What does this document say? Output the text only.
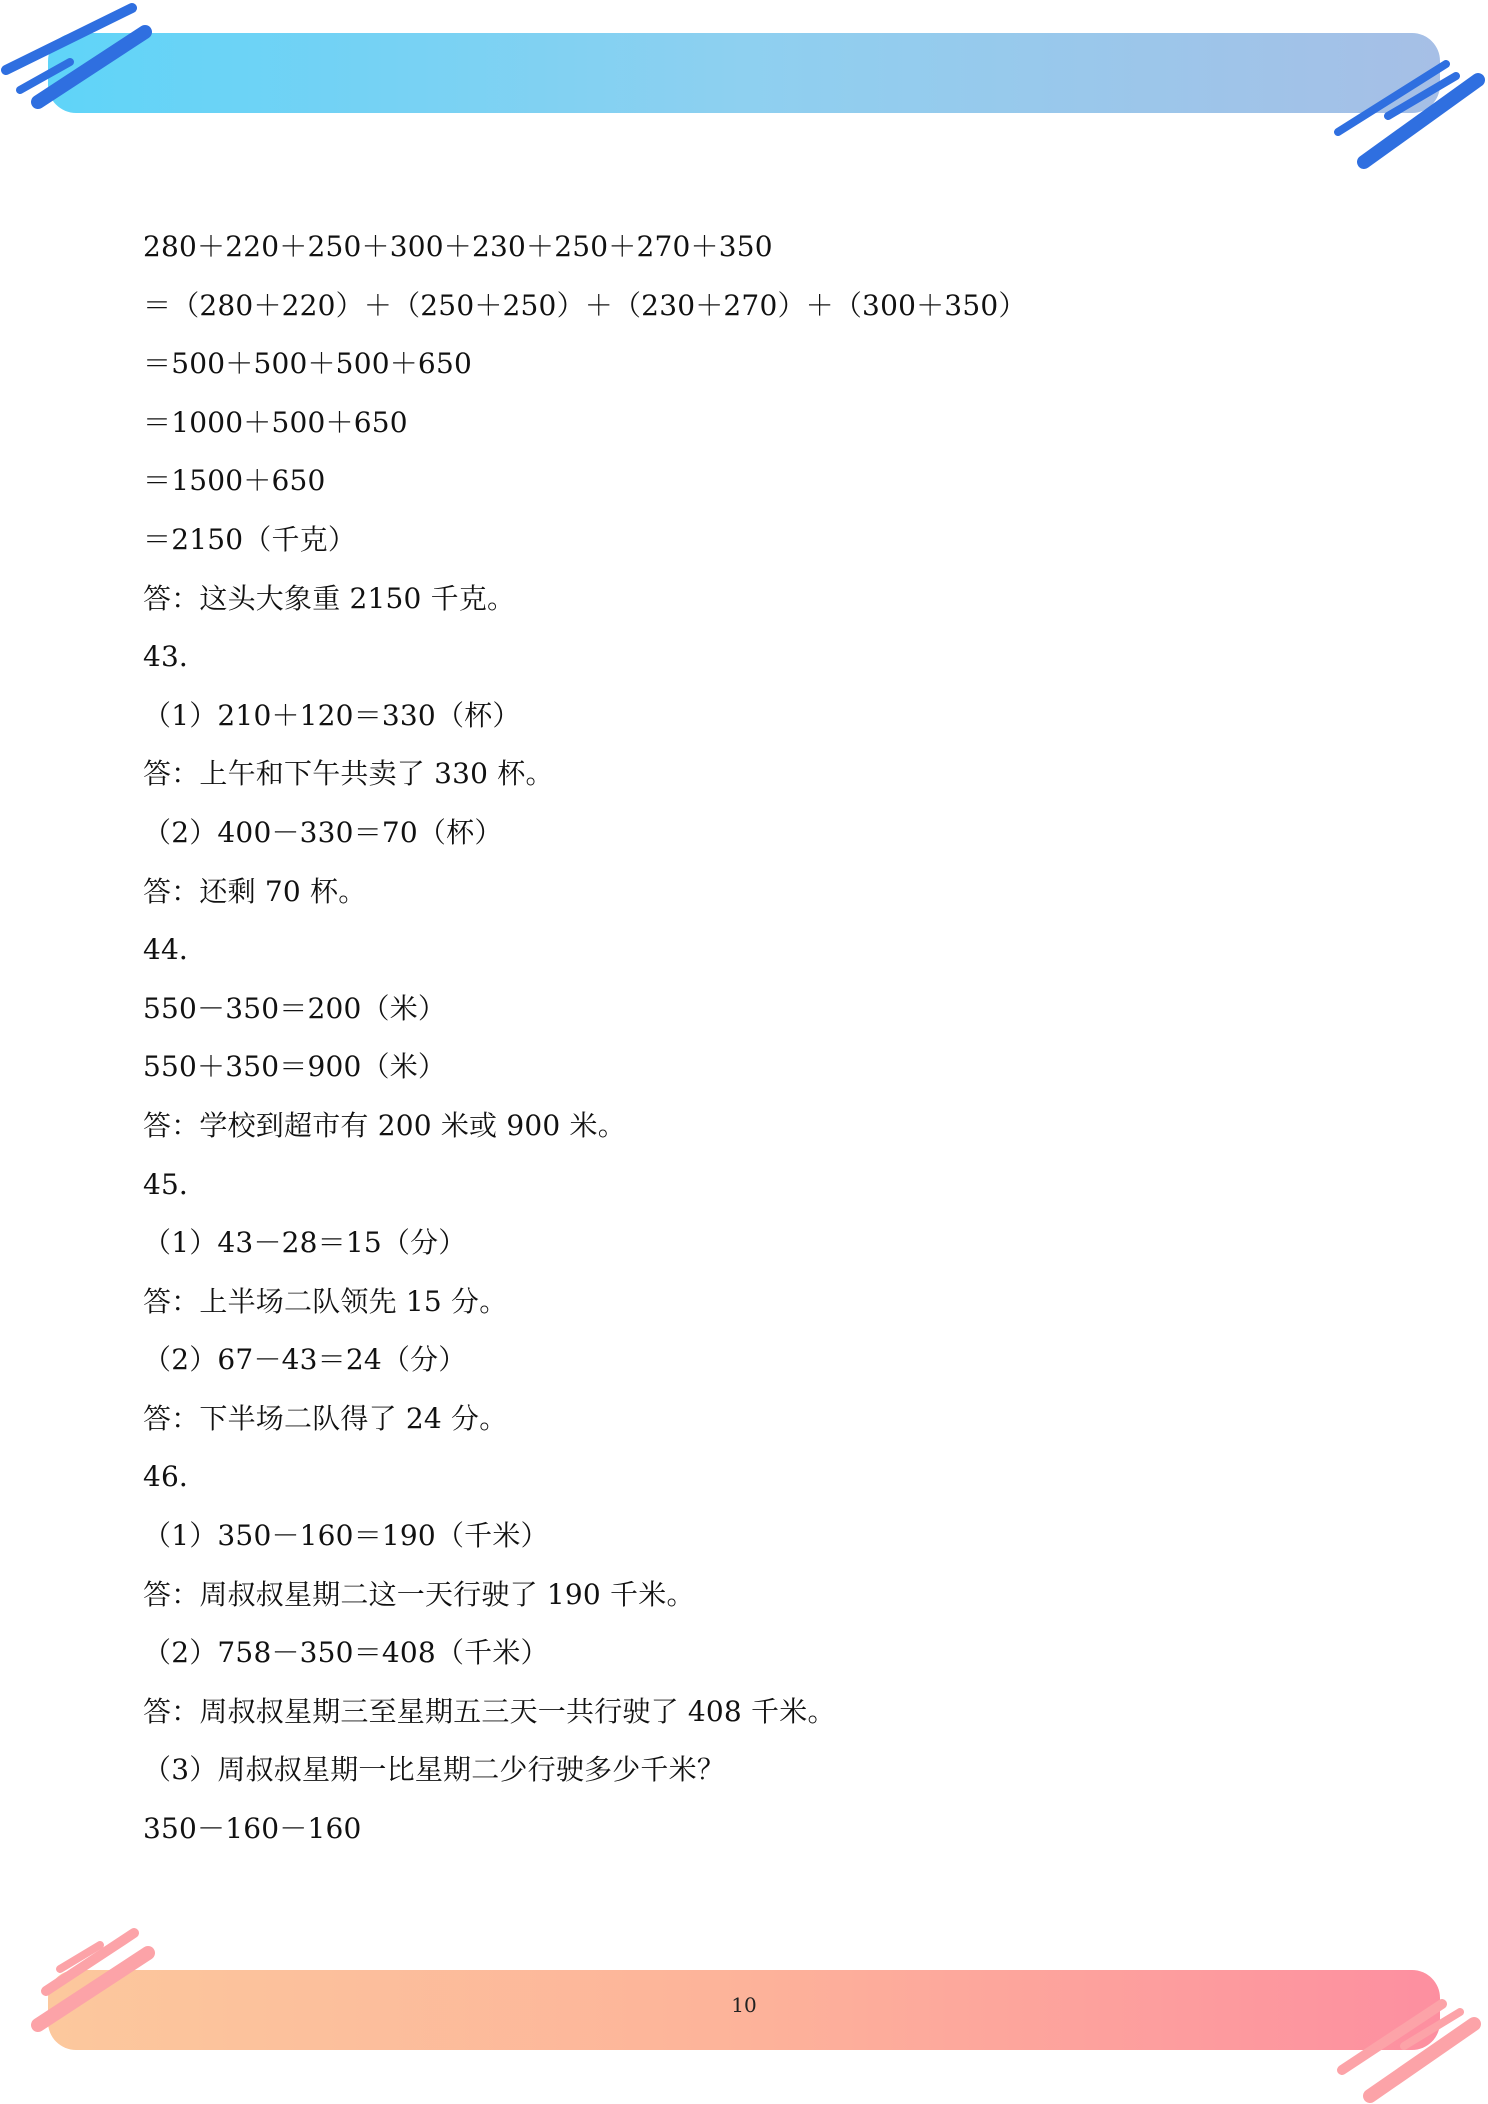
280＋220＋250＋300＋230＋250＋270＋350
＝（280＋220）＋（250＋250）＋（230＋270）＋（300＋350）
＝500＋500＋500＋650
＝1000＋500＋650
＝1500＋650
＝2150（千克）
答：这头大象重 2150 千克。
43．
（1）210＋120＝330（杯）
答：上午和下午共卖了 330 杯。
（2）400－330＝70（杯）
答：还剩 70 杯。
44．
550－350＝200（米）
550＋350＝900（米）
答：学校到超市有 200 米或 900 米。
45．
（1）43－28＝15（分）
答：上半场二队领先 15 分。
（2）67－43＝24（分）
答：下半场二队得了 24 分。
46．
（1）350－160＝190（千米）
答：周叔叔星期二这一天行驶了 190 千米。
（2）758－350＝408（千米）
答：周叔叔星期三至星期五三天一共行驶了 408 千米。
（3）周叔叔星期一比星期二少行驶多少千米？
350－160－160
10
